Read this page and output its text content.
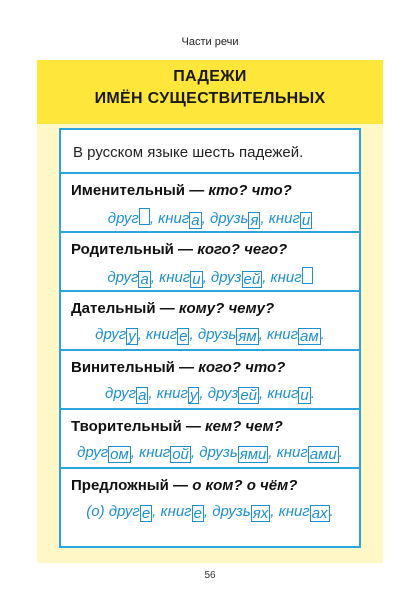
Части речи
ПАДЕЖИ
ИМЁН СУЩЕСТВИТЕЛЬНЫХ
В русском языке шесть падежей.
Именительный — кто? что?
друг , книг а , друзь я , книг и
Родительный — кого? чего?
друг а , книг и , друз ей , книг
Дательный — кому? чему?
друг у , книг е , друзь ям , книг ам .
Винительный — кого? что?
друг а , книг у , друз ей , книг и .
Творительный — кем? чем?
друг ом , книг ой , друзь ями , книг ами .
Предложный — о ком? о чём?
(о) друг е , книг е , друзь ях , книг ах .
56
